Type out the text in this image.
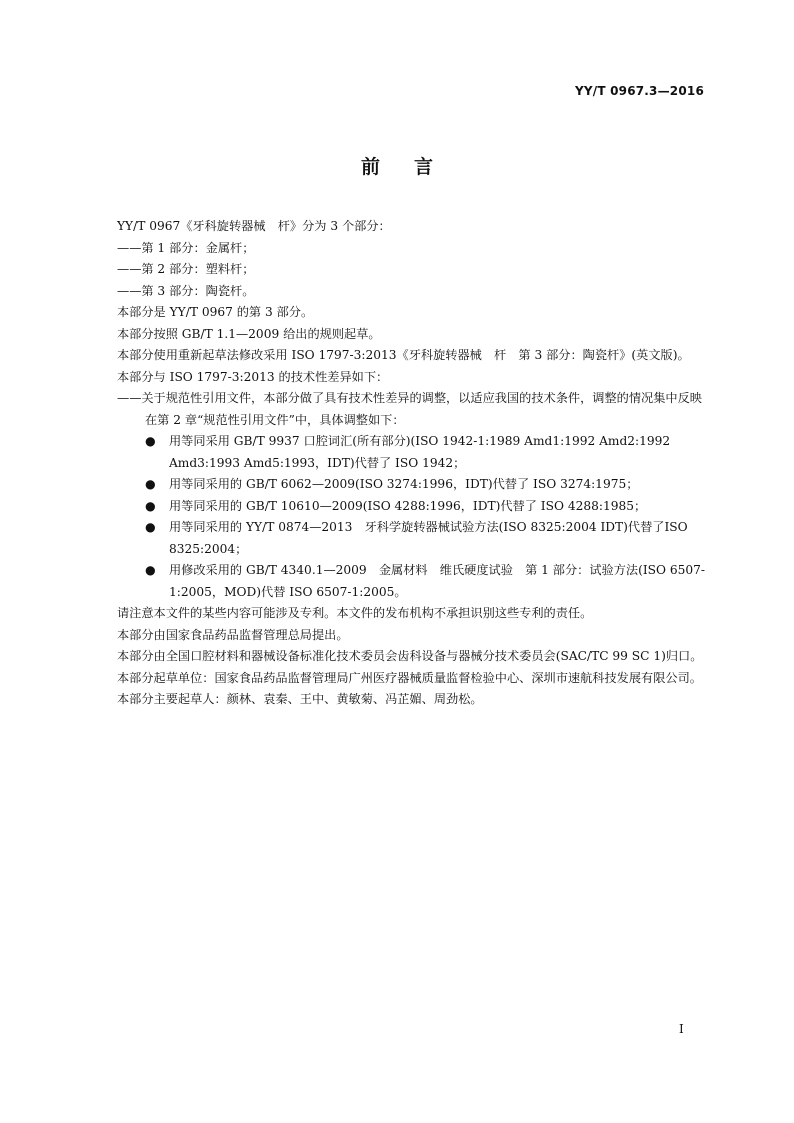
YY/T 0967.3—2016
前言

YY/T 0967《牙科旋转器械　杆》分为 3 个部分：

——第 1 部分：金属杆；

——第 2 部分：塑料杆；

——第 3 部分：陶瓷杆。

本部分是 YY/T 0967 的第 3 部分。

本部分按照 GB/T 1.1—2009 给出的规则起草。

本部分使用重新起草法修改采用 ISO 1797-3:2013《牙科旋转器械　杆　第 3 部分：陶瓷杆》(英文版)。

本部分与 ISO 1797-3:2013 的技术性差异如下：

——关于规范性引用文件，本部分做了具有技术性差异的调整，以适应我国的技术条件，调整的情况集中反映在第 2 章“规范性引用文件”中，具体调整如下：

● 用等同采用 GB/T 9937 口腔词汇(所有部分)(ISO 1942-1:1989 Amd1:1992 Amd2:1992 Amd3:1993 Amd5:1993，IDT)代替了 ISO 1942；
● 用等同采用的 GB/T 6062—2009(ISO 3274:1996，IDT)代替了 ISO 3274:1975；
● 用等同采用的 GB/T 10610—2009(ISO 4288:1996，IDT)代替了 ISO 4288:1985；
● 用等同采用的 YY/T 0874—2013　牙科学旋转器械试验方法(ISO 8325:2004 IDT)代替了ISO 8325:2004；
● 用修改采用的 GB/T 4340.1—2009　金属材料　维氏硬度试验　第 1 部分：试验方法(ISO 6507-1:2005，MOD)代替 ISO 6507-1:2005。

请注意本文件的某些内容可能涉及专利。本文件的发布机构不承担识别这些专利的责任。

本部分由国家食品药品监督管理总局提出。

本部分由全国口腔材料和器械设备标准化技术委员会齿科设备与器械分技术委员会(SAC/TC 99 SC 1)归口。

本部分起草单位：国家食品药品监督管理局广州医疗器械质量监督检验中心、深圳市速航科技发展有限公司。

本部分主要起草人：颜林、袁秦、王中、黄敏菊、冯芷媚、周劲松。

I
